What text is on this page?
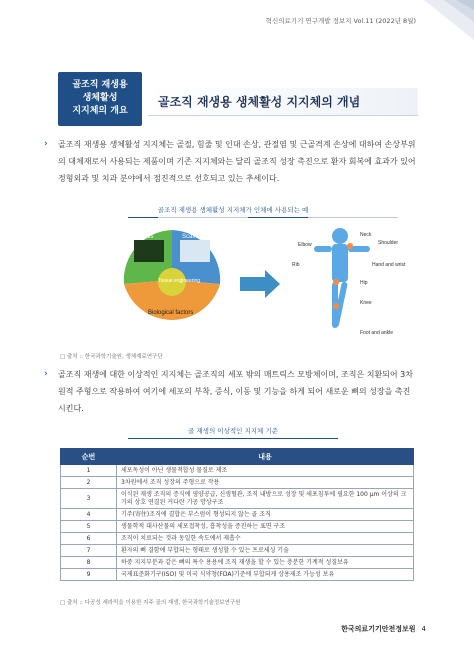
혁신의료기기 연구개발 정보지 Vol.11 (2022년 8월)
골조직 재생용
생체활성
지지체의 개요
골조직 재생용 생체활성 지지체의 개념
› 골조직 재생용 생체활성 지지체는 골절, 힘줄 및 인대 손상, 관절염 및 근골격계 손상에 대하여 손상부위의 대체재로서 사용되는 제품이며 기존 지지체와는 달리 골조직 성장 촉진으로 환자 회복에 효과가 있어 정형외과 및 치과 분야에서 점진적으로 선호되고 있는 추세이다.
골조직 재생용 생체활성 지지체가 인체에 사용되는 예
Cells	Scaffolds
Tissue engineering
Biological factors
Neck
Shoulder
Elbow
Rib	Hand and wrist
Hip
Knee
Foot and ankle
□ 출처 :: 한국과학기술원, 생체재료연구단
› 골조직 재생에 대한 이상적인 지지체는 골조직의 세포 밖의 매트릭스 모방체이며, 조직은 치환되어 3차원적 주형으로 작용하여 여기에 세포의 부착, 증식, 이동 및 기능을 하게 되어 새로운 뼈의 성장을 촉진시킨다.
골 재생의 이상적인 지지체 기준
순번	내용
1	세포독성이 아닌 생물적합성 물질로 제조
2	3차원에서 조직 성장의 주형으로 작용
3	이식된 재생 조직의 증식에 영양공급, 신생혈관, 조직 내방으로 성장 및 세포침투에 필요한 100 μm 이상의 크기의 상호 연결된 커다란 기공 망상구조
4	기주(寄住)조직에 결합은 부스럼이 형성되지 않는 골 조직
5	생물학적 대사산물의 세포접착성, 흡착성을 증진하는 표면 구조
6	조직이 치료되는 것과 동일한 속도에서 재흡수
7	환자의 뼈 결함에 부합되는 형태로 생성할 수 있는 프로세싱 기술
8	하중 지지부분과 같은 뼈의 특수 용용에 조직 재생을 할 수 있는 충분한 기계적 성질보유
9	국제표준화기구(ISO) 및 미국 식약청(FDA)기준에 부합되게 상용제조 가능성 보유
□ 출처 :: 다공성 세라믹을 이용한 지주 골의 재생, 한국과학기술정보연구원
한국의료기기안전정보원 4
